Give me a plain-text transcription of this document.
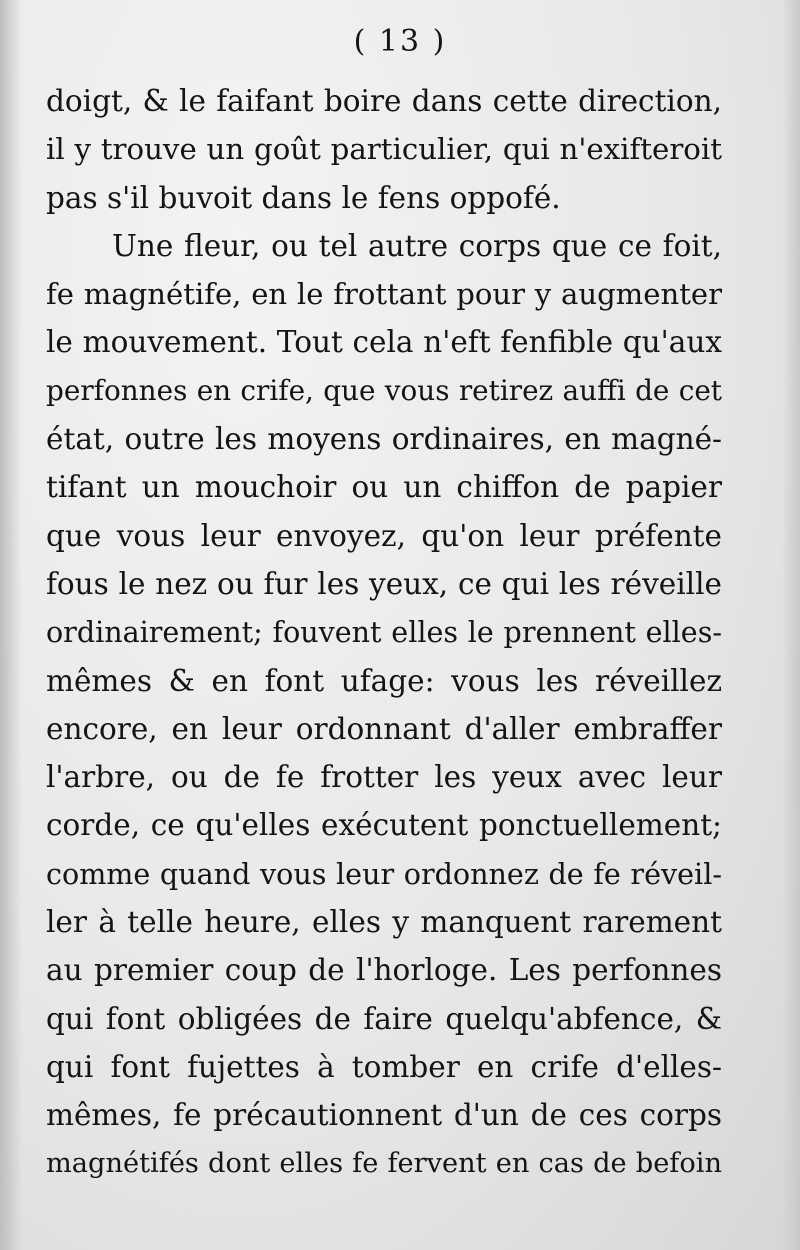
( 13 )
doigt, & le faifant boire dans cette direction,
il y trouve un goût particulier, qui n'exifteroit
pas s'il buvoit dans le fens oppofé.
Une fleur, ou tel autre corps que ce foit,
fe magnétife, en le frottant pour y augmenter
le mouvement. Tout cela n'eft fenfible qu'aux
perfonnes en crife, que vous retirez auffi de cet
état, outre les moyens ordinaires, en magné-
tifant un mouchoir ou un chiffon de papier
que vous leur envoyez, qu'on leur préfente
fous le nez ou fur les yeux, ce qui les réveille
ordinairement; fouvent elles le prennent elles-
mêmes & en font ufage: vous les réveillez
encore, en leur ordonnant d'aller embraffer
l'arbre, ou de fe frotter les yeux avec leur
corde, ce qu'elles exécutent ponctuellement;
comme quand vous leur ordonnez de fe réveil-
ler à telle heure, elles y manquent rarement
au premier coup de l'horloge. Les perfonnes
qui font obligées de faire quelqu'abfence, &
qui font fujettes à tomber en crife d'elles-
mêmes, fe précautionnent d'un de ces corps
magnétifés dont elles fe fervent en cas de befoin
